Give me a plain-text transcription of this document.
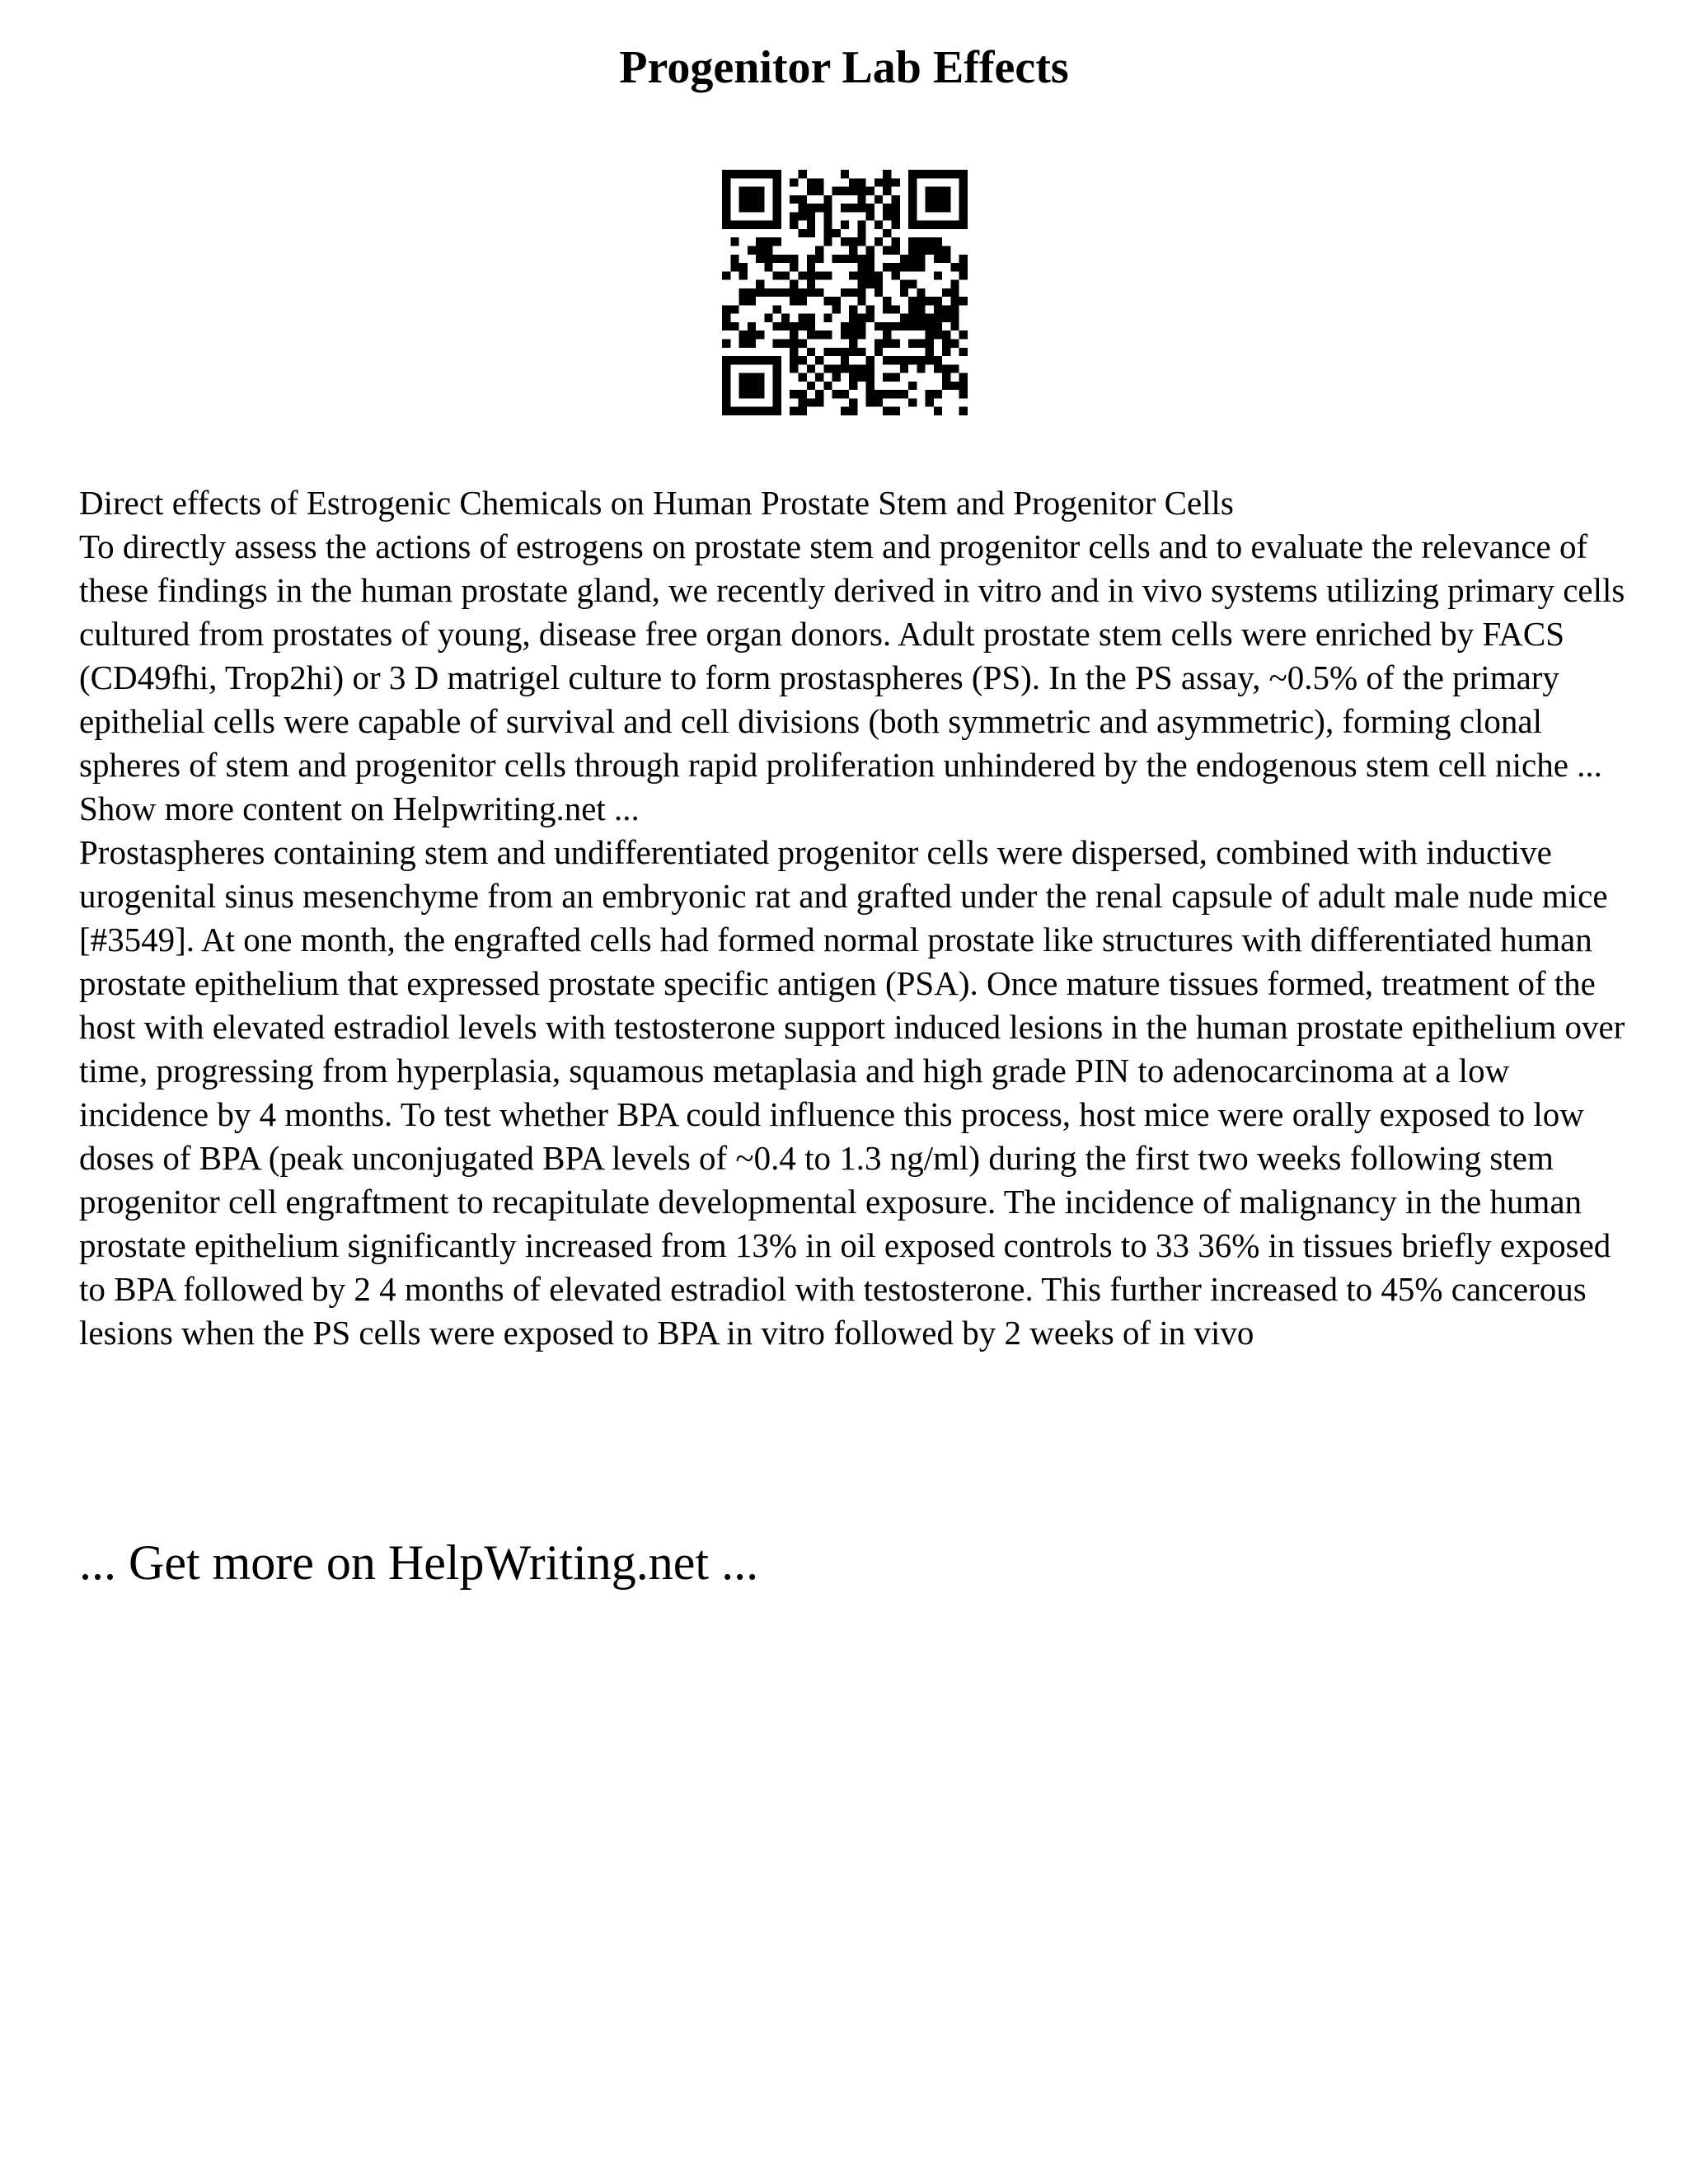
Progenitor Lab Effects

Direct effects of Estrogenic Chemicals on Human Prostate Stem and Progenitor Cells

To directly assess the actions of estrogens on prostate stem and progenitor cells and to evaluate the relevance of these findings in the human prostate gland, we recently derived in vitro and in vivo systems utilizing primary cells cultured from prostates of young, disease free organ donors. Adult prostate stem cells were enriched by FACS (CD49fhi, Trop2hi) or 3 D matrigel culture to form prostaspheres (PS). In the PS assay, ~0.5% of the primary epithelial cells were capable of survival and cell divisions (both symmetric and asymmetric), forming clonal spheres of stem and progenitor cells through rapid proliferation unhindered by the endogenous stem cell niche ... Show more content on Helpwriting.net ...

Prostaspheres containing stem and undifferentiated progenitor cells were dispersed, combined with inductive urogenital sinus mesenchyme from an embryonic rat and grafted under the renal capsule of adult male nude mice [#3549]. At one month, the engrafted cells had formed normal prostate like structures with differentiated human prostate epithelium that expressed prostate specific antigen (PSA). Once mature tissues formed, treatment of the host with elevated estradiol levels with testosterone support induced lesions in the human prostate epithelium over time, progressing from hyperplasia, squamous metaplasia and high grade PIN to adenocarcinoma at a low incidence by 4 months. To test whether BPA could influence this process, host mice were orally exposed to low doses of BPA (peak unconjugated BPA levels of ~0.4 to 1.3 ng/ml) during the first two weeks following stem progenitor cell engraftment to recapitulate developmental exposure. The incidence of malignancy in the human prostate epithelium significantly increased from 13% in oil exposed controls to 33 36% in tissues briefly exposed to BPA followed by 2 4 months of elevated estradiol with testosterone. This further increased to 45% cancerous lesions when the PS cells were exposed to BPA in vitro followed by 2 weeks of in vivo

... Get more on HelpWriting.net ...
